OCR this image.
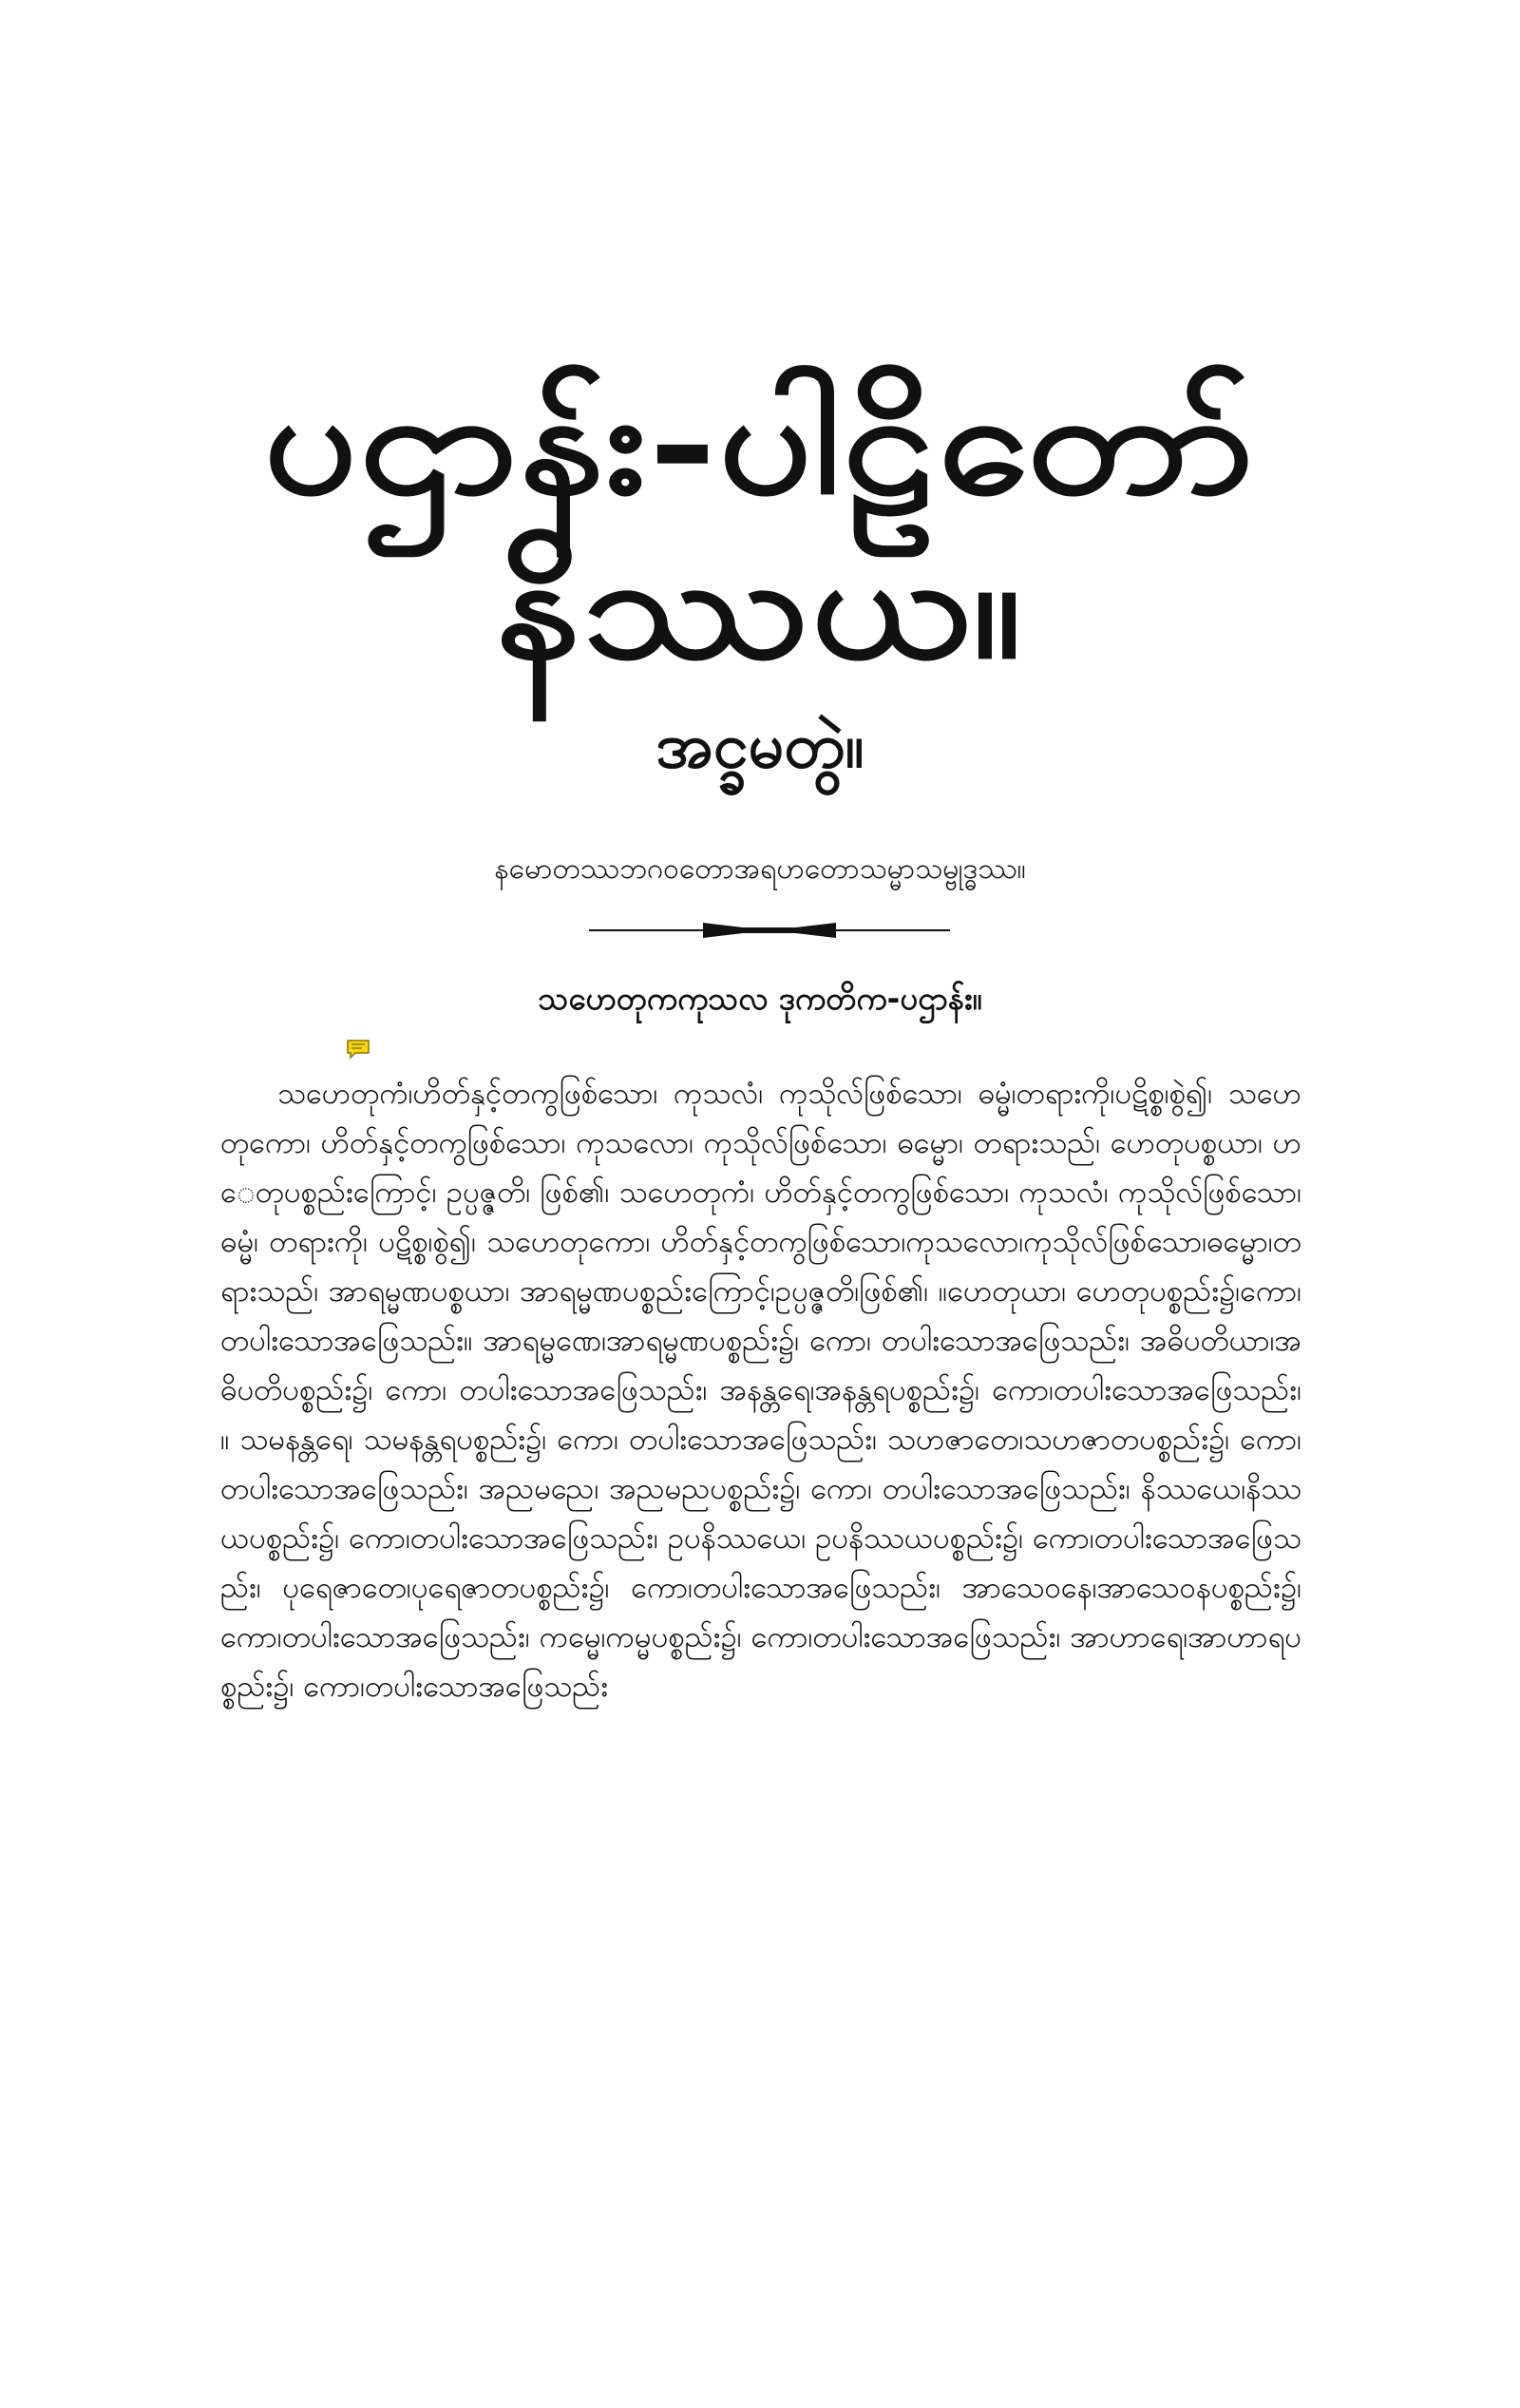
ပဌာန်း-ပါဠိတော်နိဿယ။
အင္ခမတွဲ။

နမောတဿဘဂဝတောအရဟတောသမ္မာသမ္ဗုဒ္ဓဿ။

သဟေတုကကုသလ ဒုကတိက-ပဌာန်း။

သဟေတုကံ၊ဟိတ်နှင့်တကွဖြစ်သော၊ ကုသလံ၊ ကုသိုလ်ဖြစ်သော၊ ဓမ္မံ၊တရားကို၊ပဋိစ္စ၊စွဲ၍၊ သဟေတုကော၊ ဟိတ်နှင့်တကွဖြစ်သော၊ ကုသလော၊ ကုသိုလ်ဖြစ်သော၊ ဓမ္မော၊ တရားသည်၊ ဟေတုပစ္စယာ၊ ဟေတုပစ္စည်းကြောင့်၊ ဥပ္ပဇ္ဇတိ၊ ဖြစ်၏၊ သဟေတုကံ၊ ဟိတ်နှင့်တကွဖြစ်သော၊ ကုသလံ၊ ကုသိုလ်ဖြစ်သော၊ ဓမ္မံ၊ တရားကို၊ ပဋိစ္စ၊စွဲ၍၊ သဟေတုကော၊ ဟိတ်နှင့်တကွဖြစ်သော၊ကုသလော၊ကုသိုလ်ဖြစ်သော၊ဓမ္မော၊တရားသည်၊ အာရမ္မဏပစ္စယာ၊ အာရမ္မဏပစ္စည်းကြောင့်၊ဥပ္ပဇ္ဇတိ၊ဖြစ်၏၊ ။ဟေတုယာ၊ ဟေတုပစ္စည်း၌၊ကော၊တပါးသောအဖြေသည်း။ အာရမ္မဏေ၊အာရမ္မဏပစ္စည်း၌၊ ကော၊ တပါးသောအဖြေသည်း၊ အဓိပတိယာ၊အဓိပတိပစ္စည်း၌၊ ကော၊ တပါးသောအဖြေသည်း၊ အနန္တရေ၊အနန္တရပစ္စည်း၌၊ ကော၊တပါးသောအဖြေသည်း၊ ။ သမနန္တရေ၊ သမနန္တရပစ္စည်း၌၊ ကော၊ တပါးသောအဖြေသည်း၊ သဟဇာတေ၊သဟဇာတပစ္စည်း၌၊ ကော၊ တပါးသောအဖြေသည်း၊ အညမညေ၊ အညမညပစ္စည်း၌၊ ကော၊ တပါးသောအဖြေသည်း၊ နိဿယေ၊နိဿယပစ္စည်း၌၊ ကော၊တပါးသောအဖြေသည်း၊ ဥပနိဿယေ၊ ဥပနိဿယပစ္စည်း၌၊ ကော၊တပါးသောအဖြေသည်း၊ ပုရေဇာတေ၊ပုရေဇာတပစ္စည်း၌၊ ကော၊တပါးသောအဖြေသည်း၊ အာသေဝနေ၊အာသေဝနပစ္စည်း၌၊ ကော၊တပါးသောအဖြေသည်း၊ ကမ္မေ၊ကမ္မပစ္စည်း၌၊ ကော၊တပါးသောအဖြေသည်း၊ အာဟာရေ၊အာဟာရပစ္စည်း၌၊ ကော၊တပါးသောအဖြေသည်း
